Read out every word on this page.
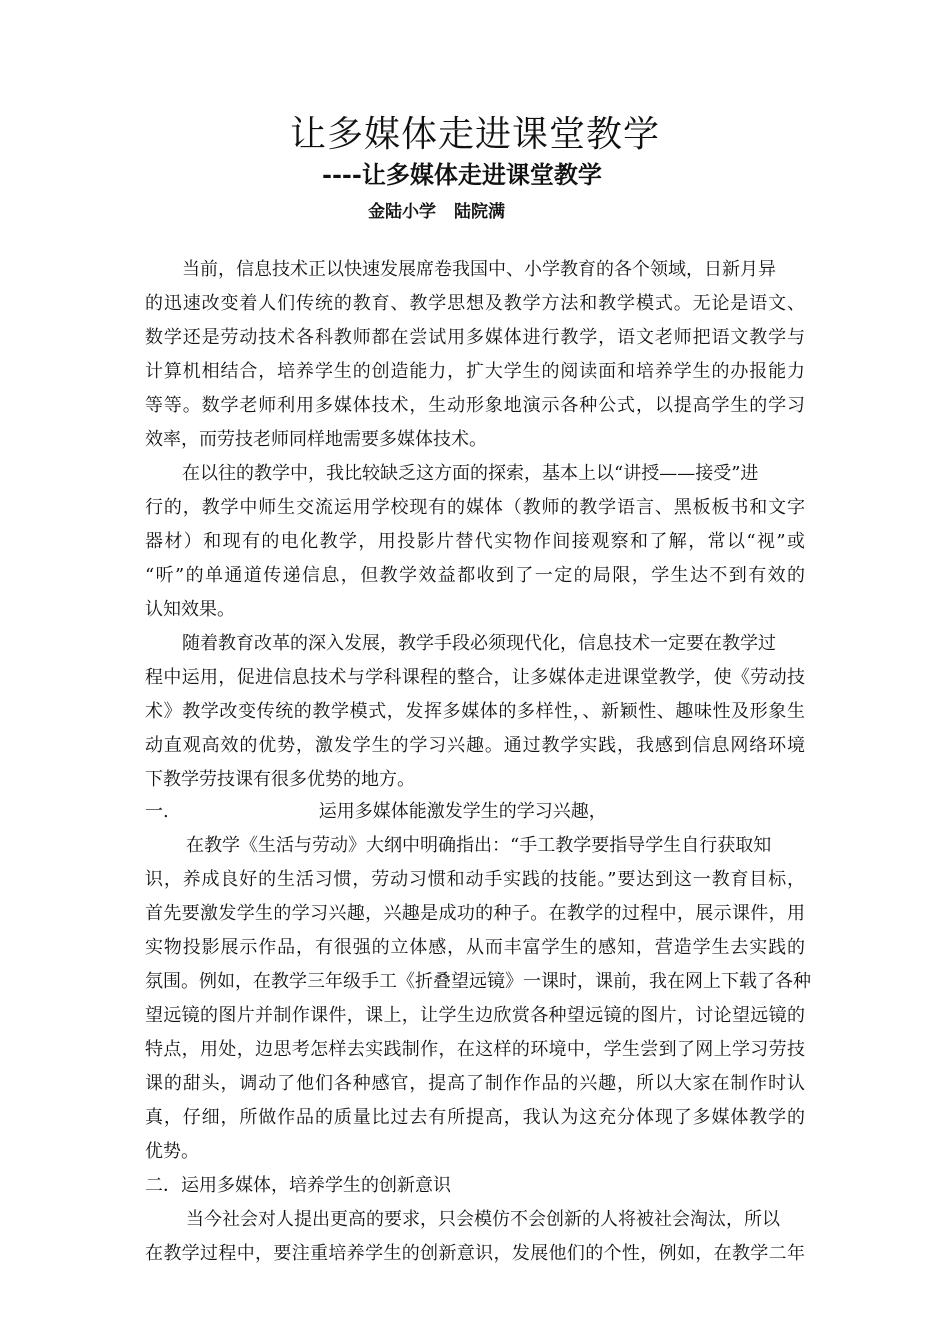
让多媒体走进课堂教学
----让多媒体走进课堂教学
金陆小学 陆院满
当前，信息技术正以快速发展席卷我国中、小学教育的各个领域，日新月异
的迅速改变着人们传统的教育、教学思想及教学方法和教学模式。无论是语文、
数学还是劳动技术各科教师都在尝试用多媒体进行教学，语文老师把语文教学与
计算机相结合，培养学生的创造能力，扩大学生的阅读面和培养学生的办报能力
等等。数学老师利用多媒体技术，生动形象地演示各种公式，以提高学生的学习
效率，而劳技老师同样地需要多媒体技术。
在以往的教学中，我比较缺乏这方面的探索，基本上以“讲授——接受”进
行的，教学中师生交流运用学校现有的媒体（教师的教学语言、黑板板书和文字
器材）和现有的电化教学，用投影片替代实物作间接观察和了解，常以“视”或
“听”的单通道传递信息，但教学效益都收到了一定的局限，学生达不到有效的
认知效果。
随着教育改革的深入发展，教学手段必须现代化，信息技术一定要在教学过
程中运用，促进信息技术与学科课程的整合，让多媒体走进课堂教学，使《劳动技
术》教学改变传统的教学模式，发挥多媒体的多样性，、新颖性、趣味性及形象生
动直观高效的优势，激发学生的学习兴趣。通过教学实践，我感到信息网络环境
下教学劳技课有很多优势的地方。
一.	运用多媒体能激发学生的学习兴趣，
在教学《生活与劳动》大纲中明确指出：“手工教学要指导学生自行获取知
识，养成良好的生活习惯，劳动习惯和动手实践的技能。”要达到这一教育目标，
首先要激发学生的学习兴趣，兴趣是成功的种子。在教学的过程中，展示课件，用
实物投影展示作品，有很强的立体感，从而丰富学生的感知，营造学生去实践的
氛围。例如，在教学三年级手工《折叠望远镜》一课时，课前，我在网上下载了各种
望远镜的图片并制作课件，课上，让学生边欣赏各种望远镜的图片，讨论望远镜的
特点，用处，边思考怎样去实践制作，在这样的环境中，学生尝到了网上学习劳技
课的甜头，调动了他们各种感官，提高了制作作品的兴趣，所以大家在制作时认
真，仔细，所做作品的质量比过去有所提高，我认为这充分体现了多媒体教学的
优势。
二．运用多媒体，培养学生的创新意识
当今社会对人提出更高的要求，只会模仿不会创新的人将被社会淘汰，所以
在教学过程中，要注重培养学生的创新意识，发展他们的个性，例如，在教学二年
